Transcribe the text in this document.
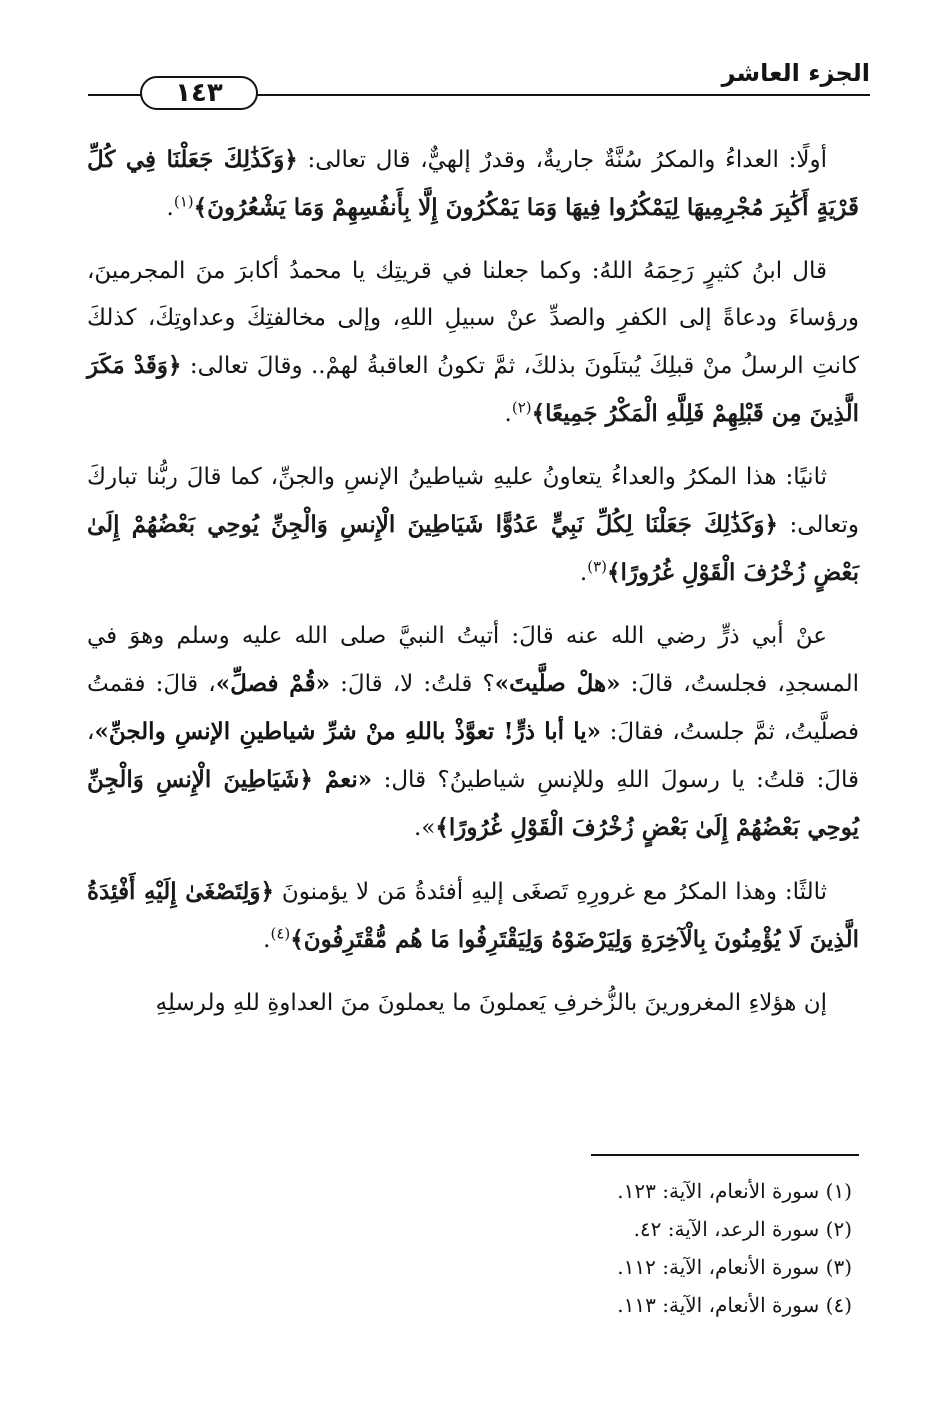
الجزء العاشر
١٤٣

أولًا: العداءُ والمكرُ سُنَّةٌ جاريةٌ، وقدرٌ إلهيٌّ، قال تعالى: ﴿وَكَذَٰلِكَ جَعَلْنَا فِي كُلِّ قَرْيَةٍ أَكَٰبِرَ مُجْرِمِيهَا لِيَمْكُرُوا فِيهَا وَمَا يَمْكُرُونَ إِلَّا بِأَنفُسِهِمْ وَمَا يَشْعُرُونَ﴾$^{(١)}$.

قال ابنُ كثيرٍ رَحِمَهُ اللهُ: وكما جعلنا في قريتِك يا محمدُ أكابرَ منَ المجرمينَ، ورؤساءَ ودعاةً إلى الكفرِ والصدِّ عنْ سبيلِ اللهِ، وإلى مخالفتِكَ وعداوتِكَ، كذلكَ كانتِ الرسلُ منْ قبلِكَ يُبتلَونَ بذلكَ، ثمَّ تكونُ العاقبةُ لهمْ.. وقالَ تعالى: ﴿وَقَدْ مَكَرَ الَّذِينَ مِن قَبْلِهِمْ فَلِلَّهِ الْمَكْرُ جَمِيعًا﴾$^{(٢)}$.

ثانيًا: هذا المكرُ والعداءُ يتعاونُ عليهِ شياطينُ الإنسِ والجنِّ، كما قالَ ربُّنا تباركَ وتعالى: ﴿وَكَذَٰلِكَ جَعَلْنَا لِكُلِّ نَبِيٍّ عَدُوًّا شَيَاطِينَ الْإِنسِ وَالْجِنِّ يُوحِي بَعْضُهُمْ إِلَىٰ بَعْضٍ زُخْرُفَ الْقَوْلِ غُرُورًا﴾$^{(٣)}$.

عنْ أبي ذرٍّ رضي الله عنه قالَ: أتيتُ النبيَّ صلى الله عليه وسلم وهوَ في المسجدِ، فجلستُ، قالَ: «هلْ صلَّيتَ»؟ قلتُ: لا، قالَ: «قُمْ فصلِّ»، قالَ: فقمتُ فصلَّيتُ، ثمَّ جلستُ، فقالَ: «يا أبا ذرٍّ! تعوَّذْ باللهِ منْ شرِّ شياطينِ الإنسِ والجنِّ»، قالَ: قلتُ: يا رسولَ اللهِ وللإنسِ شياطينُ؟ قال: «نعمْ ﴿شَيَاطِينَ الْإِنسِ وَالْجِنِّ يُوحِي بَعْضُهُمْ إِلَىٰ بَعْضٍ زُخْرُفَ الْقَوْلِ غُرُورًا﴾».

ثالثًا: وهذا المكرُ مع غرورِهِ تَصغَى إليهِ أفئدةُ مَن لا يؤمنونَ ﴿وَلِتَصْغَىٰ إِلَيْهِ أَفْئِدَةُ الَّذِينَ لَا يُؤْمِنُونَ بِالْآخِرَةِ وَلِيَرْضَوْهُ وَلِيَقْتَرِفُوا مَا هُم مُّقْتَرِفُونَ﴾$^{(٤)}$.

إن هؤلاءِ المغرورينَ بالزُّخرفِ يَعملونَ ما يعملونَ منَ العداوةِ للهِ ولرسلِهِ

(١) سورة الأنعام، الآية: ١٢٣.
(٢) سورة الرعد، الآية: ٤٢.
(٣) سورة الأنعام، الآية: ١١٢.
(٤) سورة الأنعام، الآية: ١١٣.
